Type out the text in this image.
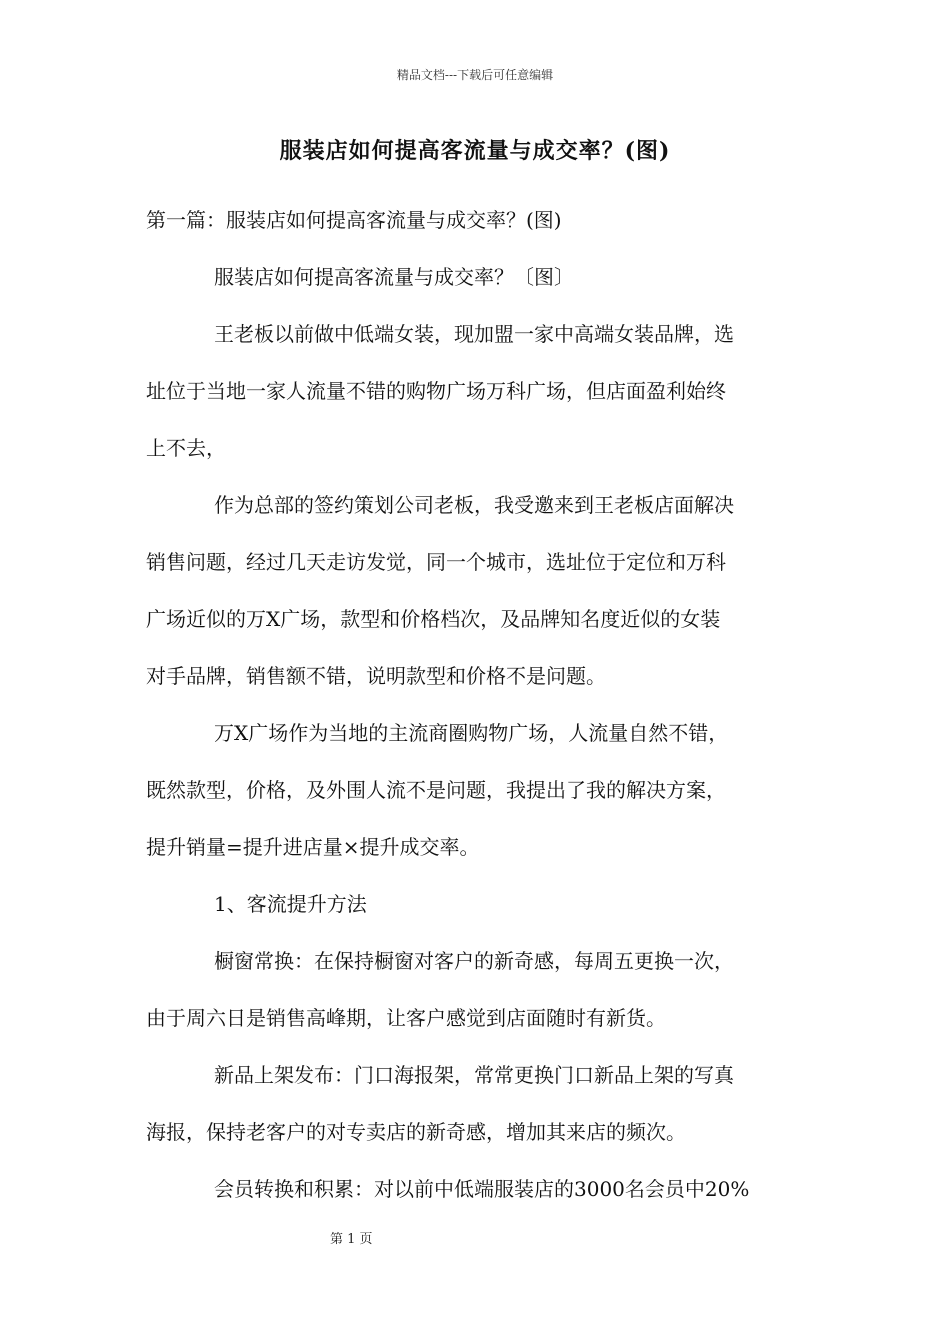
精品文档---下载后可任意编辑
服装店如何提高客流量与成交率？(图)
第一篇：服装店如何提高客流量与成交率？(图)
服装店如何提高客流量与成交率？〔图〕
王老板以前做中低端女装，现加盟一家中高端女装品牌，选
址位于当地一家人流量不错的购物广场万科广场，但店面盈利始终
上不去，
作为总部的签约策划公司老板，我受邀来到王老板店面解决
销售问题，经过几天走访发觉，同一个城市，选址位于定位和万科
广场近似的万X广场，款型和价格档次，及品牌知名度近似的女装
对手品牌，销售额不错，说明款型和价格不是问题。
万X广场作为当地的主流商圈购物广场，人流量自然不错，
既然款型，价格，及外围人流不是问题，我提出了我的解决方案，
提升销量=提升进店量×提升成交率。
1、客流提升方法
橱窗常换：在保持橱窗对客户的新奇感，每周五更换一次，
由于周六日是销售高峰期，让客户感觉到店面随时有新货。
新品上架发布：门口海报架，常常更换门口新品上架的写真
海报，保持老客户的对专卖店的新奇感，增加其来店的频次。
会员转换和积累：对以前中低端服装店的3000名会员中20%
第 1 页
